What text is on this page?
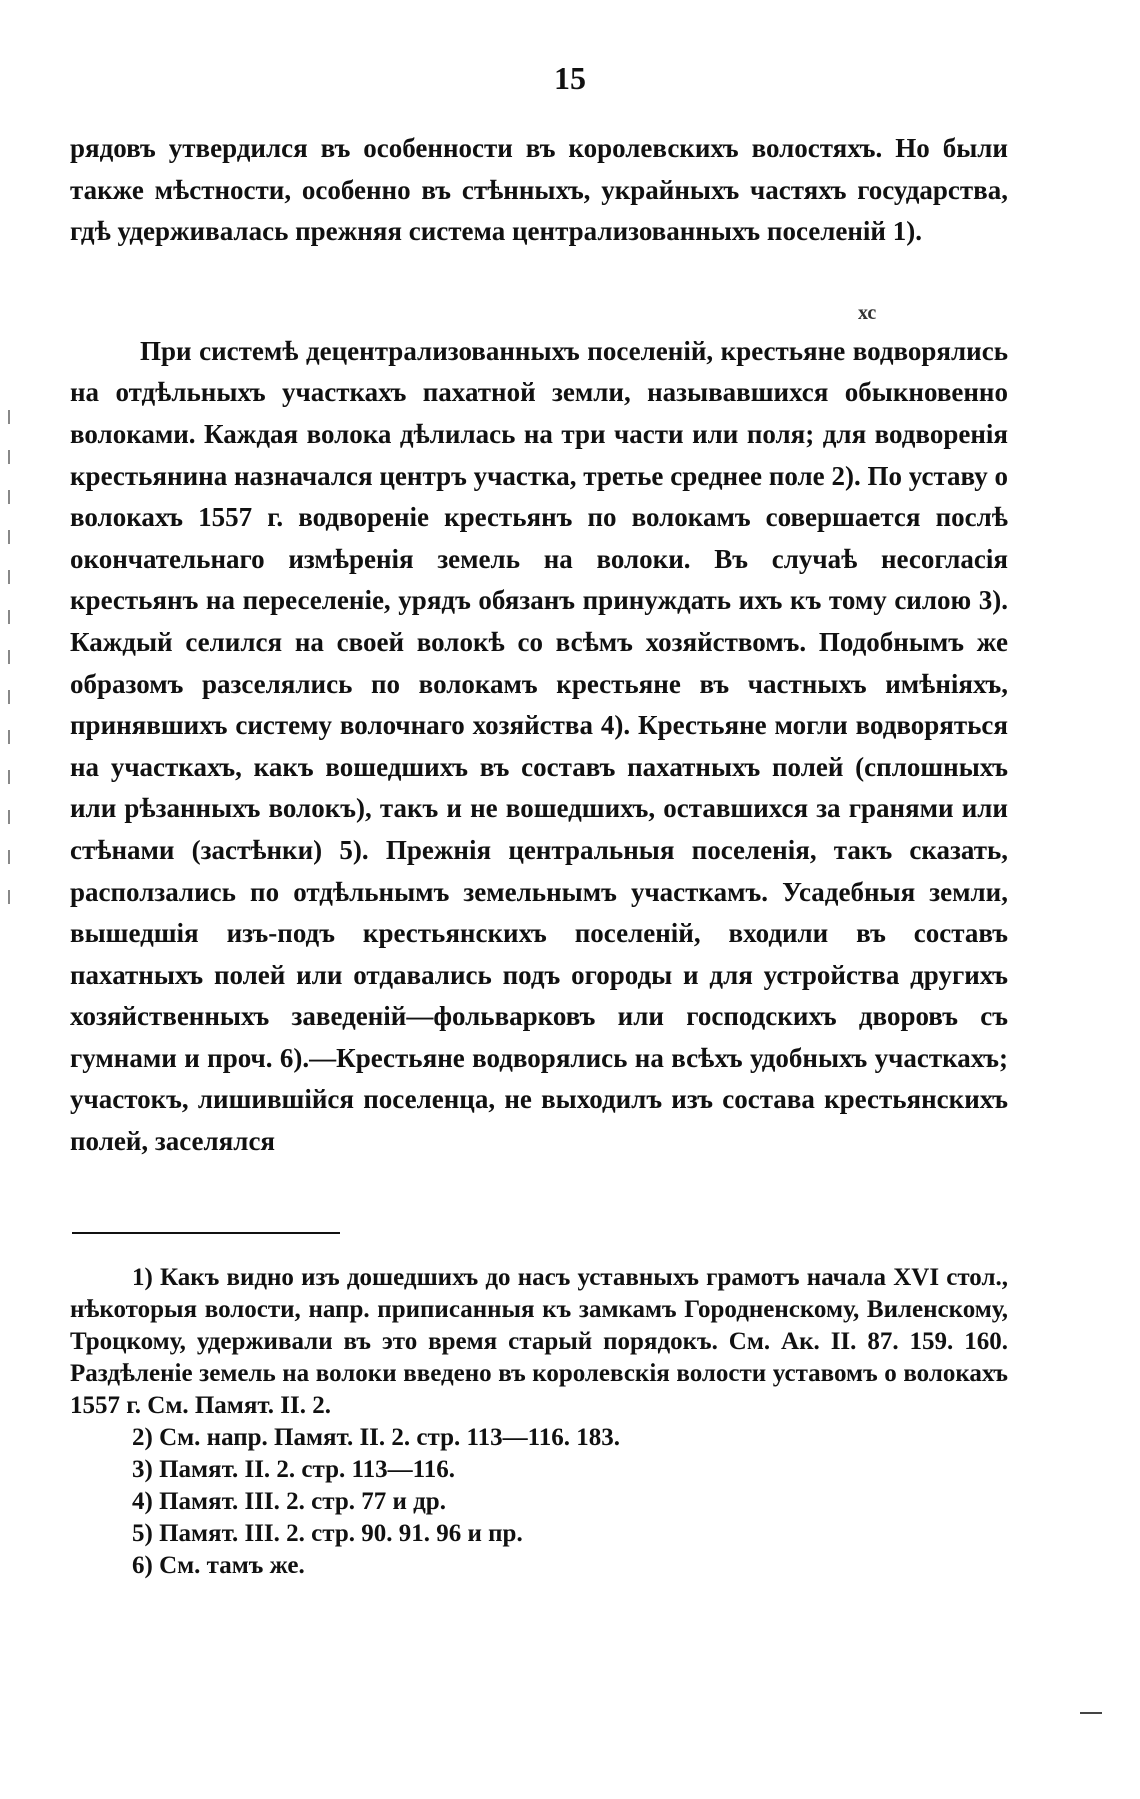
15
хс

рядовъ утвердился въ особенности въ королевскихъ волостяхъ. Но были также мѣстности, особенно въ стѣнныхъ, украйныхъ частяхъ государства, гдѣ удерживалась прежняя система централизованныхъ поселеній 1).

При системѣ децентрализованныхъ поселеній, крестьяне водворялись на отдѣльныхъ участкахъ пахатной земли, называвшихся обыкновенно волоками. Каждая волока дѣлилась на три части или поля; для водворенія крестьянина назначался центръ участка, третье среднее поле 2). По уставу о волокахъ 1557 г. водвореніе крестьянъ по волокамъ совершается послѣ окончательнаго измѣренія земель на волоки. Въ случаѣ несогласія крестьянъ на переселеніе, урядъ обязанъ принуждать ихъ къ тому силою 3). Каждый селился на своей волокѣ со всѣмъ хозяйствомъ. Подобнымъ же образомъ разселялись по волокамъ крестьяне въ частныхъ имѣніяхъ, принявшихъ систему волочнаго хозяйства 4). Крестьяне могли водворяться на участкахъ, какъ вошедшихъ въ составъ пахатныхъ полей (сплошныхъ или рѣзанныхъ волокъ), такъ и не вошедшихъ, оставшихся за гранями или стѣнами (застѣнки) 5). Прежнія центральныя поселенія, такъ сказать, расползались по отдѣльнымъ земельнымъ участкамъ. Усадебныя земли, вышедшія изъ-подъ крестьянскихъ поселеній, входили въ составъ пахатныхъ полей или отдавались подъ огороды и для устройства другихъ хозяйственныхъ заведеній—фольварковъ или господскихъ дворовъ съ гумнами и проч. 6).—Крестьяне водворялись на всѣхъ удобныхъ участкахъ; участокъ, лишившійся поселенца, не выходилъ изъ состава крестьянскихъ полей, заселялся

1) Какъ видно изъ дошедшихъ до насъ уставныхъ грамотъ начала XVI стол., нѣкоторыя волости, напр. приписанныя къ замкамъ Городненскому, Виленскому, Троцкому, удерживали въ это время старый порядокъ. См. Ак. II. 87. 159. 160. Раздѣленіе земель на волоки введено въ королевскія волости уставомъ о волокахъ 1557 г. См. Памят. II. 2.

2) См. напр. Памят. II. 2. стр. 113—116. 183.

3) Памят. II. 2. стр. 113—116.

4) Памят. III. 2. стр. 77 и др.

5) Памят. III. 2. стр. 90. 91. 96 и пр.

6) См. тамъ же.
